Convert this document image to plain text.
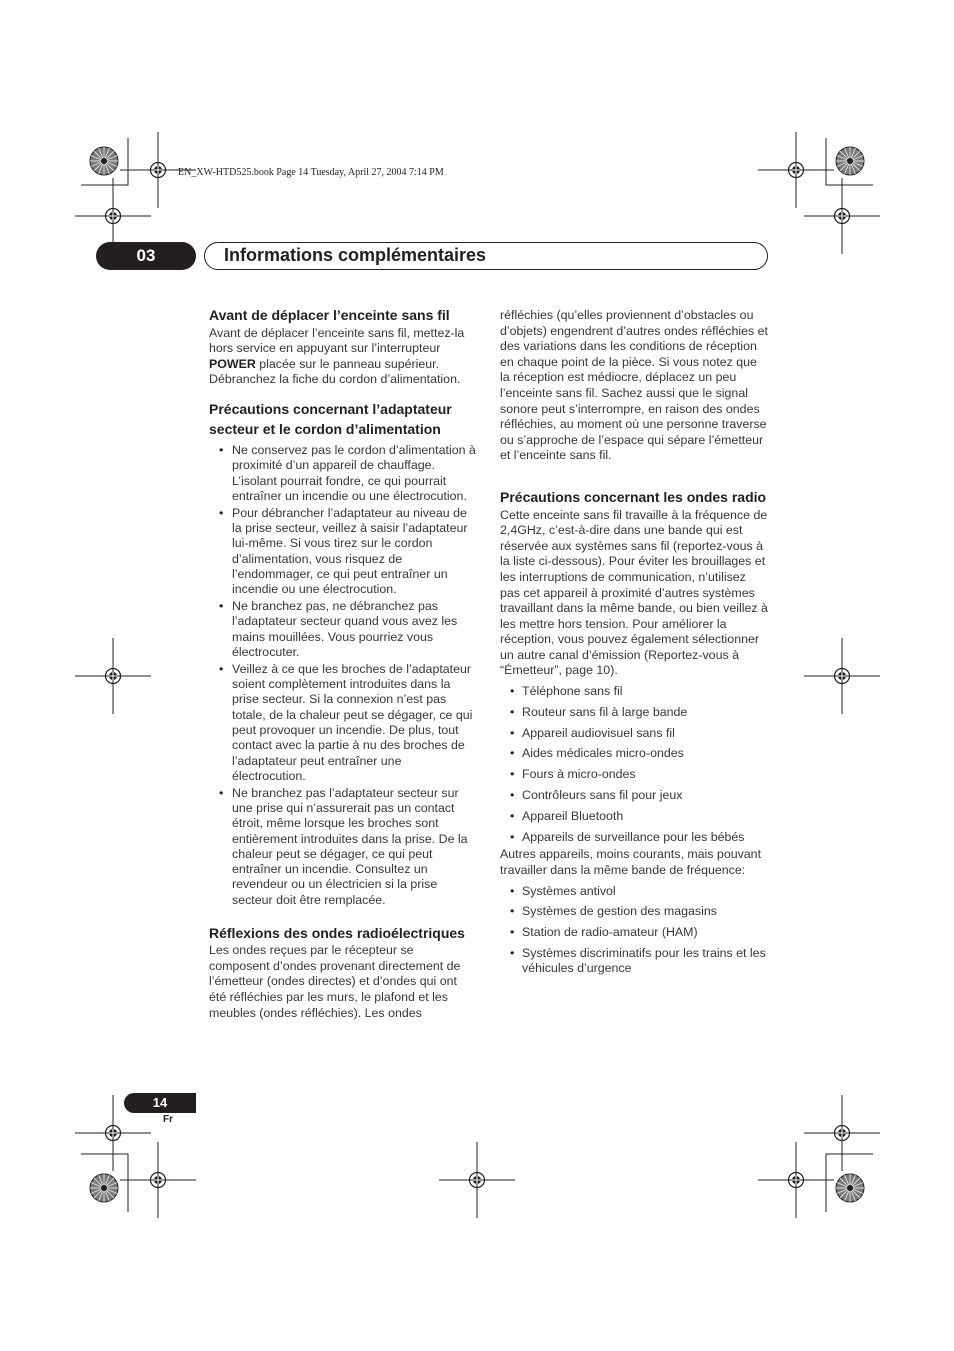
EN_XW-HTD525.book Page 14 Tuesday, April 27, 2004 7:14 PM
03	Informations complémentaires
Avant de déplacer l’enceinte sans fil

Avant de déplacer l’enceinte sans fil, mettez-la hors service en appuyant sur l’interrupteur POWER placée sur le panneau supérieur. Débranchez la fiche du cordon d’alimentation.

Précautions concernant l’adaptateur secteur et le cordon d’alimentation
• Ne conservez pas le cordon d’alimentation à proximité d’un appareil de chauffage. L’isolant pourrait fondre, ce qui pourrait entraîner un incendie ou une électrocution.
• Pour débrancher l’adaptateur au niveau de la prise secteur, veillez à saisir l’adaptateur lui-même. Si vous tirez sur le cordon d’alimentation, vous risquez de l’endommager, ce qui peut entraîner un incendie ou une électrocution.
• Ne branchez pas, ne débranchez pas l’adaptateur secteur quand vous avez les mains mouillées. Vous pourriez vous électrocuter.
• Veillez à ce que les broches de l’adaptateur soient complètement introduites dans la prise secteur. Si la connexion n’est pas totale, de la chaleur peut se dégager, ce qui peut provoquer un incendie. De plus, tout contact avec la partie à nu des broches de l’adaptateur peut entraîner une électrocution.
• Ne branchez pas l’adaptateur secteur sur une prise qui n’assurerait pas un contact étroit, même lorsque les broches sont entièrement introduites dans la prise. De la chaleur peut se dégager, ce qui peut entraîner un incendie. Consultez un revendeur ou un électricien si la prise secteur doit être remplacée.
Réflexions des ondes radioélectriques

Les ondes reçues par le récepteur se composent d’ondes provenant directement de l’émetteur (ondes directes) et d’ondes qui ont été réfléchies par les murs, le plafond et les meubles (ondes réfléchies). Les ondes

réfléchies (qu’elles proviennent d’obstacles ou d’objets) engendrent d’autres ondes réfléchies et des variations dans les conditions de réception en chaque point de la pièce. Si vous notez que la réception est médiocre, déplacez un peu l’enceinte sans fil. Sachez aussi que le signal sonore peut s’interrompre, en raison des ondes réfléchies, au moment où une personne traverse ou s’approche de l’espace qui sépare l’émetteur et l’enceinte sans fil.

Précautions concernant les ondes radio

Cette enceinte sans fil travaille à la fréquence de 2,4GHz, c’est-à-dire dans une bande qui est réservée aux systèmes sans fil (reportez-vous à la liste ci-dessous). Pour éviter les brouillages et les interruptions de communication, n’utilisez pas cet appareil à proximité d’autres systèmes travaillant dans la même bande, ou bien veillez à les mettre hors tension. Pour améliorer la réception, vous pouvez également sélectionner un autre canal d’émission (Reportez-vous à “Émetteur”, page 10).

• Téléphone sans fil
• Routeur sans fil à large bande
• Appareil audiovisuel sans fil
• Aides médicales micro-ondes
• Fours à micro-ondes
• Contrôleurs sans fil pour jeux
• Appareil Bluetooth
• Appareils de surveillance pour les bébés

Autres appareils, moins courants, mais pouvant travailler dans la même bande de fréquence:

• Systèmes antivol
• Systèmes de gestion des magasins
• Station de radio-amateur (HAM)
• Systèmes discriminatifs pour les trains et les véhicules d’urgence
14
Fr
